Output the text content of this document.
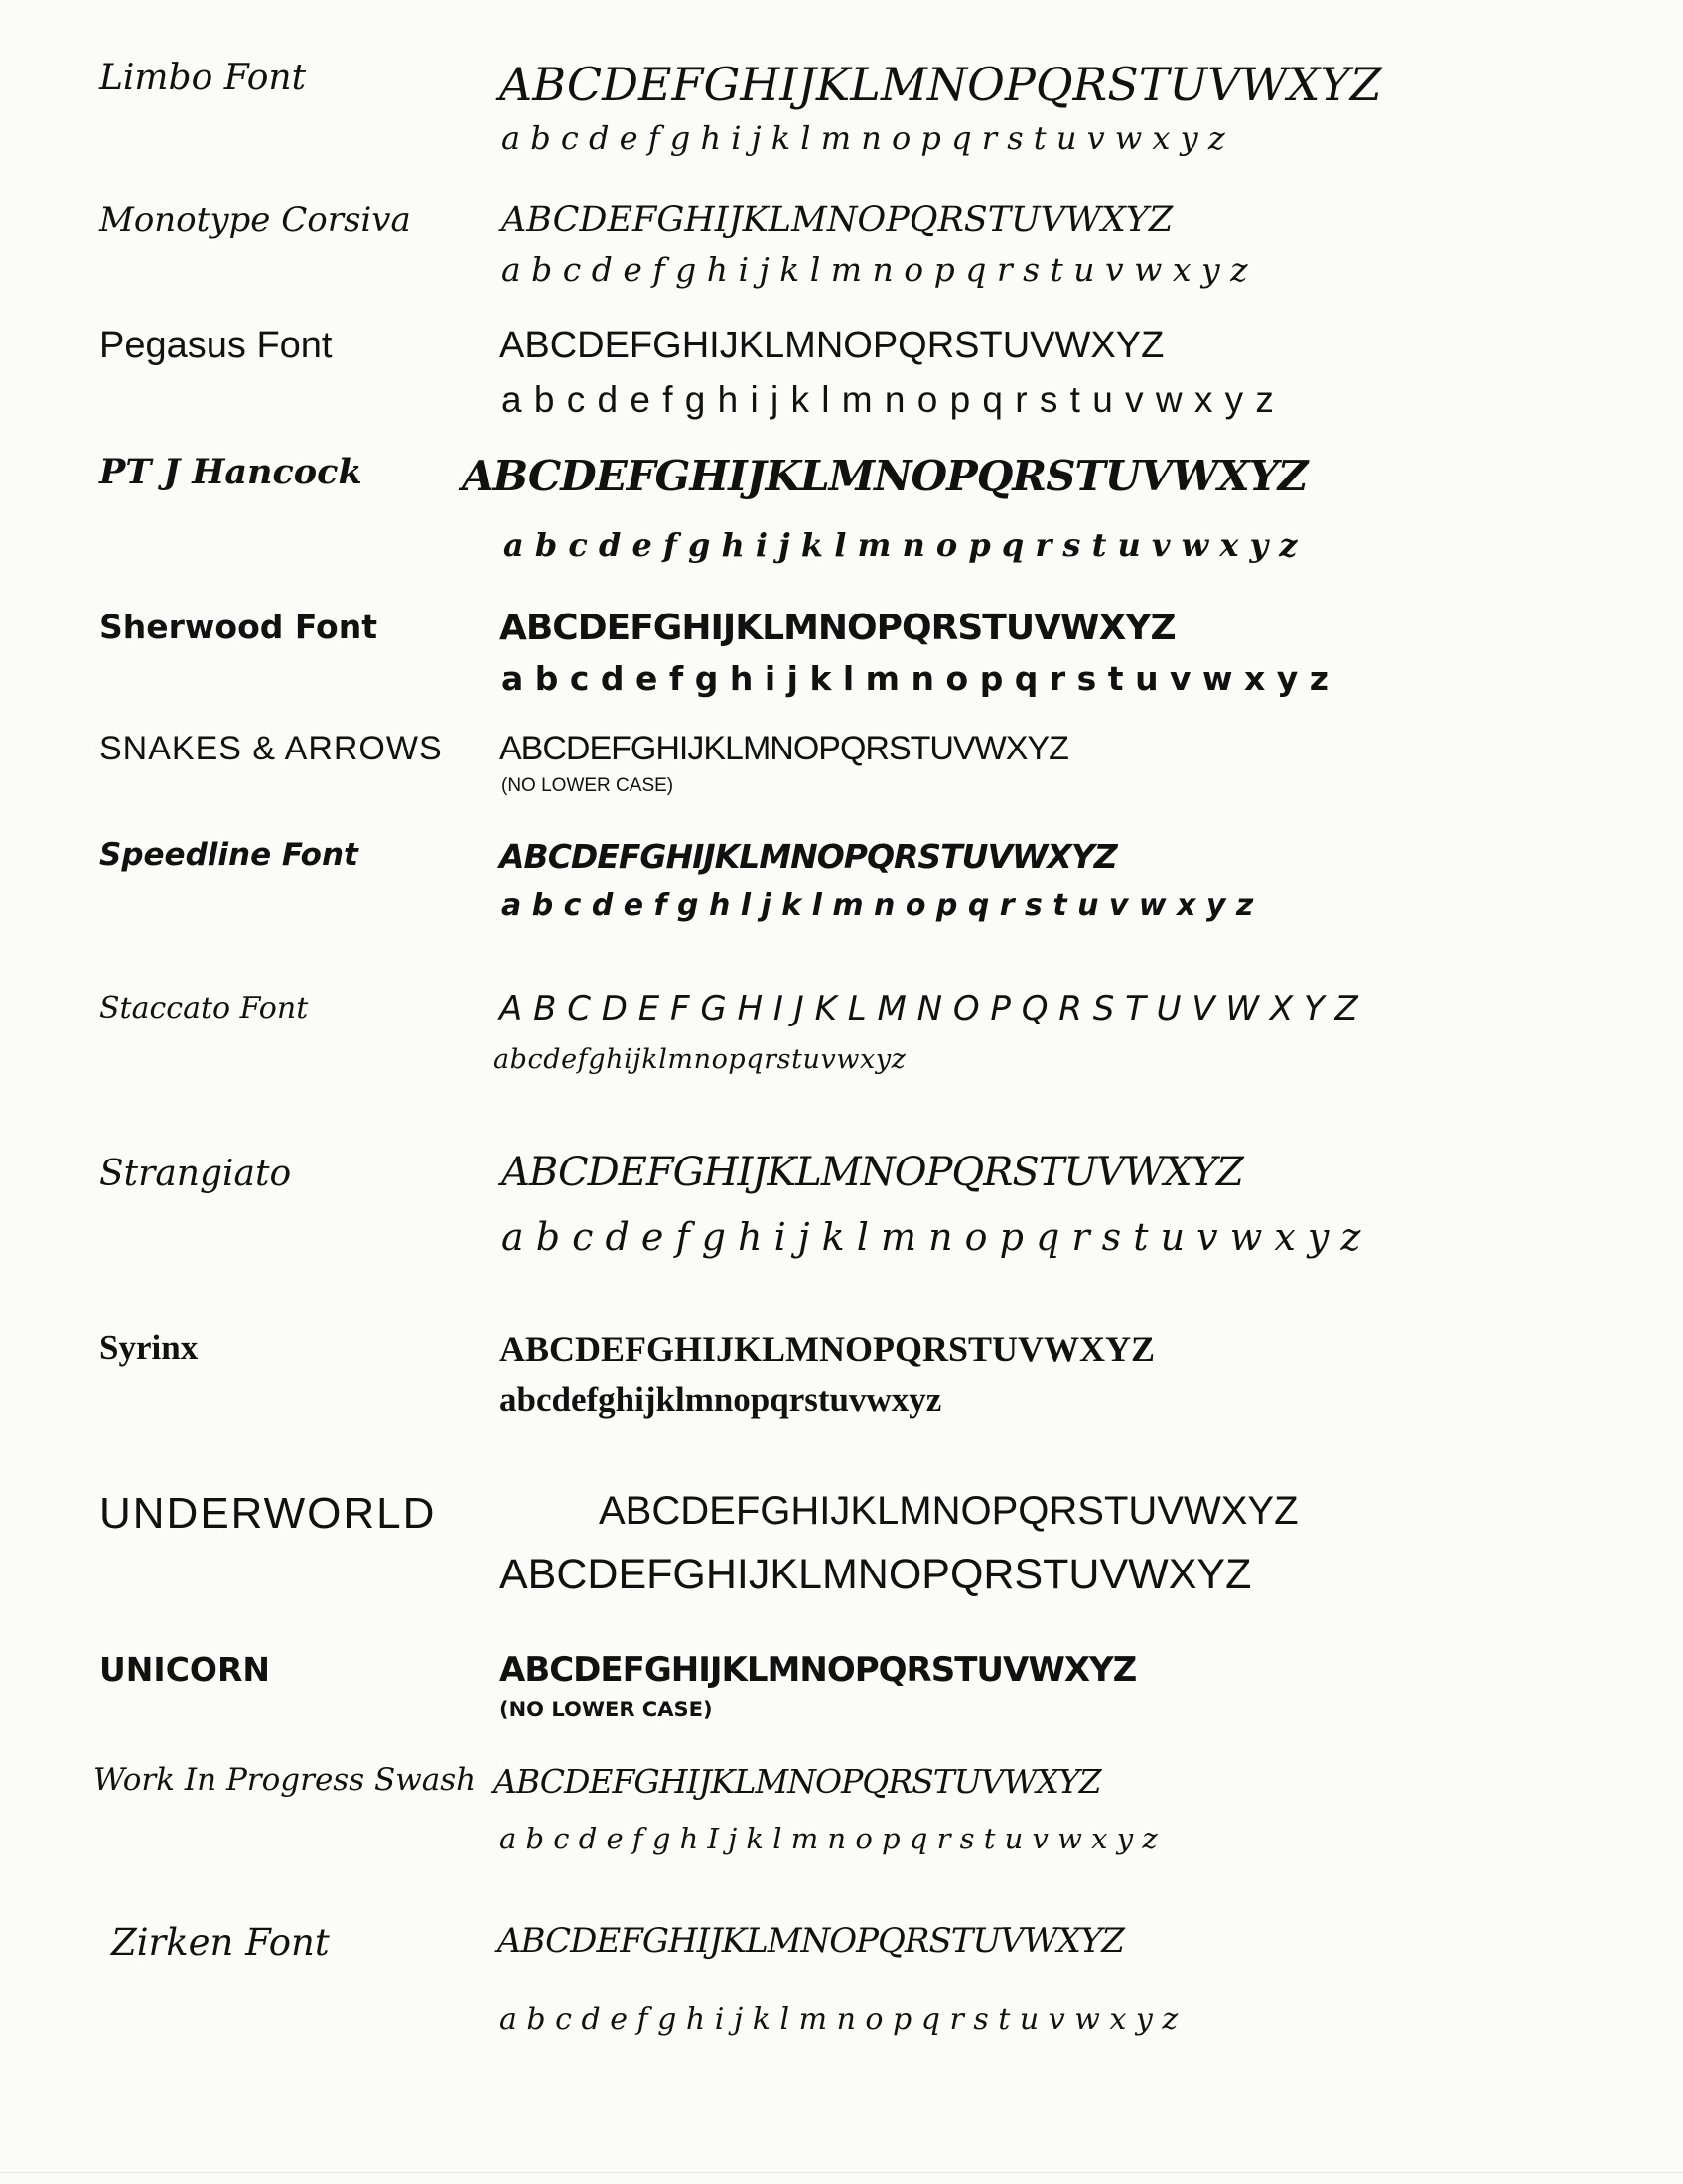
Limbo Font	ABCDEFGHIJKLMNOPQRSTUVWXYZ
a b c d e f g h i j k l m n o p q r s t u v w x y z
Monotype Corsiva	ABCDEFGHIJKLMNOPQRSTUVWXYZ
a b c d e f g h i j k l m n o p q r s t u v w x y z
Pegasus Font	ABCDEFGHIJKLMNOPQRSTUVWXYZ
a b c d e f g h i j k l m n o p q r s t u v w x y z
PT J Hancock ABCDEFGHIJKLMNOPQRSTUVWXYZ
a b c d e f g h i j k l m n o p q r s t u v w x y z
Sherwood Font	ABCDEFGHIJKLMNOPQRSTUVWXYZ
a b c d e f g h i j k l m n o p q r s t u v w x y z
SNAKES & ARROWS ABCDEFGHIJKLMNOPQRSTUVWXYZ
(NO LOWER CASE)
Speedline Font	ABCDEFGHIJKLMNOPQRSTUVWXYZ
a b c d e f g h l j k l m n o p q r s t u v w x y z
Staccato Font	A B C D E F G H I J K L M N O P Q R S T U V W X Y Z
a b c d e f g h i j k l m n o p q r s t u v w x y z
Strangiato	ABCDEFGHIJKLMNOPQRSTUVWXYZ
a b c d e f g h i j k l m n o p q r s t u v w x y z
Syrinx	ABCDEFGHIJKLMNOPQRSTUVWXYZ
abcdefghijklmnopqrstuvwxyz
UNDERWORLD	ABCDEFGHIJKLMNOPQRSTUVWXYZ
ABCDEFGHIJKLMNOPQRSTUVWXYZ
UNICORN	ABCDEFGHIJKLMNOPQRSTUVWXYZ
(NO LOWER CASE)
Work In Progress Swash ABCDEFGHIJKLMNOPQRSTUVWXYZ
a b c d e f g h I j k l m n o p q r s t u v w x y z
Zirken Font	ABCDEFGHIJKLMNOPQRSTUVWXYZ
a b c d e f g h i j k l m n o p q r s t u v w x y z
